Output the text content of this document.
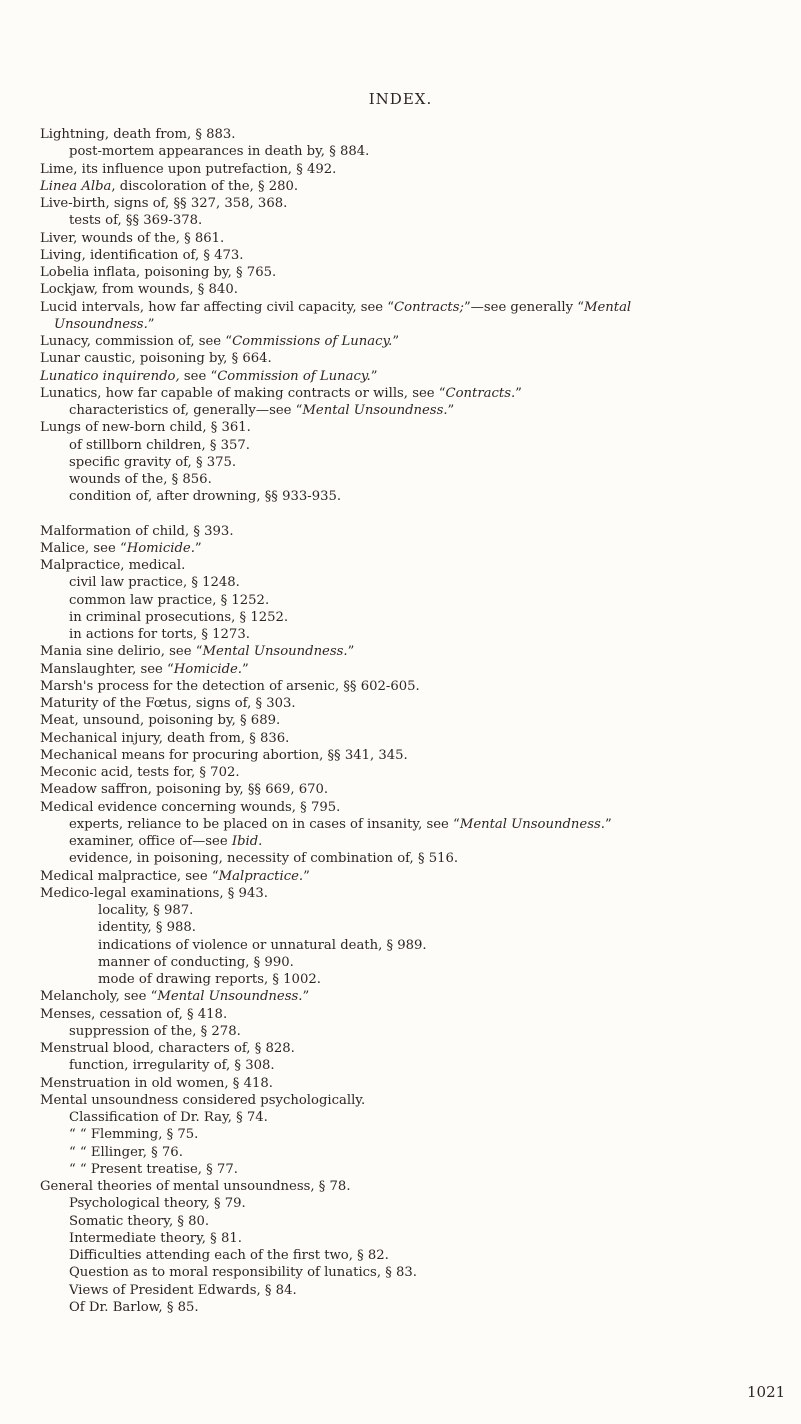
INDEX.
Lightning, death from, § 883.
post-mortem appearances in death by, § 884.
Lime, its influence upon putrefaction, § 492.
Linea Alba, discoloration of the, § 280.
Live-birth, signs of, §§ 327, 358, 368.
tests of, §§ 369-378.
Liver, wounds of the, § 861.
Living, identification of, § 473.
Lobelia inflata, poisoning by, § 765.
Lockjaw, from wounds, § 840.
Lucid intervals, how far affecting civil capacity, see “Contracts;”—see generally “Mental
Unsoundness.”
Lunacy, commission of, see “Commissions of Lunacy.”
Lunar caustic, poisoning by, § 664.
Lunatico inquirendo, see “Commission of Lunacy.”
Lunatics, how far capable of making contracts or wills, see “Contracts.”
characteristics of, generally—see “Mental Unsoundness.”
Lungs of new-born child, § 361.
of stillborn children, § 357.
specific gravity of, § 375.
wounds of the, § 856.
condition of, after drowning, §§ 933-935.
Malformation of child, § 393.
Malice, see “Homicide.”
Malpractice, medical.
civil law practice, § 1248.
common law practice, § 1252.
in criminal prosecutions, § 1252.
in actions for torts, § 1273.
Mania sine delirio, see “Mental Unsoundness.”
Manslaughter, see “Homicide.”
Marsh's process for the detection of arsenic, §§ 602-605.
Maturity of the Fœtus, signs of, § 303.
Meat, unsound, poisoning by, § 689.
Mechanical injury, death from, § 836.
Mechanical means for procuring abortion, §§ 341, 345.
Meconic acid, tests for, § 702.
Meadow saffron, poisoning by, §§ 669, 670.
Medical evidence concerning wounds, § 795.
experts, reliance to be placed on in cases of insanity, see “Mental Unsoundness.”
examiner, office of—see Ibid.
evidence, in poisoning, necessity of combination of, § 516.
Medical malpractice, see “Malpractice.”
Medico-legal examinations, § 943.
locality, § 987.
identity, § 988.
indications of violence or unnatural death, § 989.
manner of conducting, § 990.
mode of drawing reports, § 1002.
Melancholy, see “Mental Unsoundness.”
Menses, cessation of, § 418.
suppression of the, § 278.
Menstrual blood, characters of, § 828.
function, irregularity of, § 308.
Menstruation in old women, § 418.
Mental unsoundness considered psychologically.
Classification of Dr. Ray, § 74.
“ “ Flemming, § 75.
“ “ Ellinger, § 76.
“ “ Present treatise, § 77.
General theories of mental unsoundness, § 78.
Psychological theory, § 79.
Somatic theory, § 80.
Intermediate theory, § 81.
Difficulties attending each of the first two, § 82.
Question as to moral responsibility of lunatics, § 83.
Views of President Edwards, § 84.
Of Dr. Barlow, § 85.
1021
